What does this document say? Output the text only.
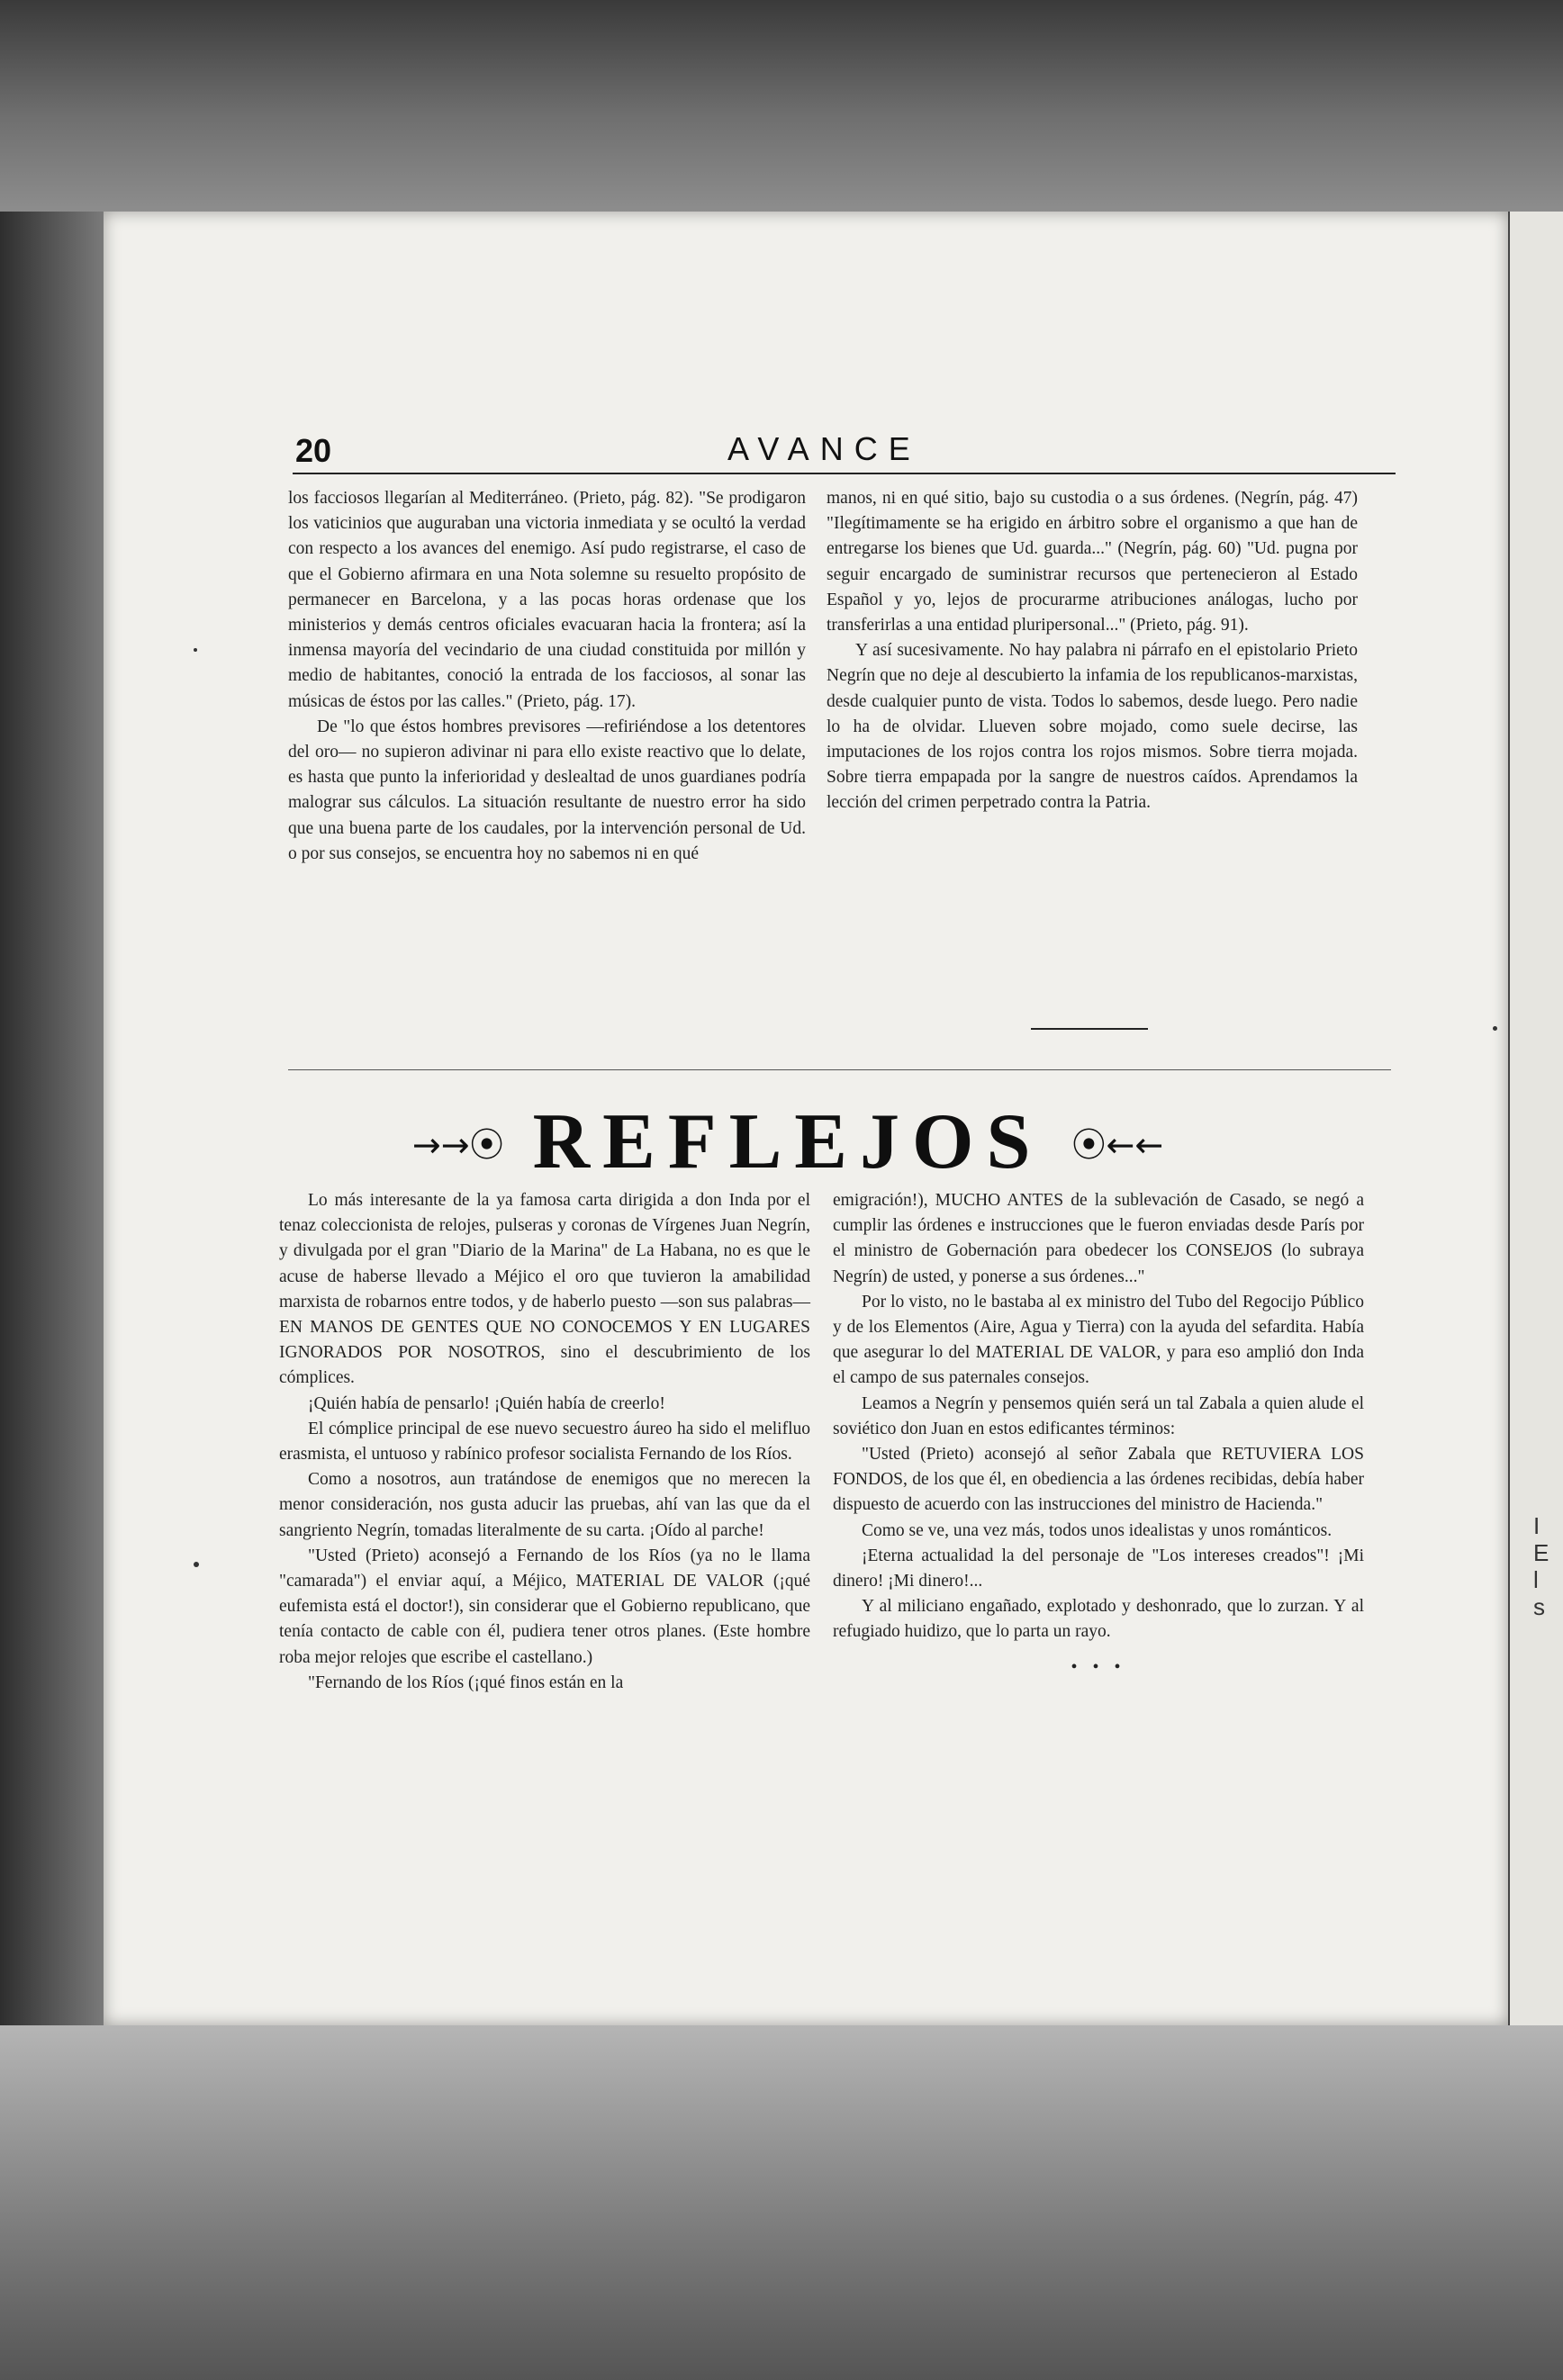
I
E
l
s
20	AVANCE

los facciosos llegarían al Mediterráneo. (Prieto, pág. 82). "Se prodigaron los vaticinios que auguraban una victoria inmediata y se ocultó la verdad con respecto a los avances del enemigo. Así pudo registrarse, el caso de que el Gobierno afirmara en una Nota solemne su resuelto propósito de permanecer en Barcelona, y a las pocas horas ordenase que los ministerios y demás centros oficiales evacuaran hacia la frontera; así la inmensa mayoría del vecindario de una ciudad constituida por millón y medio de habitantes, conoció la entrada de los facciosos, al sonar las músicas de éstos por las calles." (Prieto, pág. 17).

De "lo que éstos hombres previsores —refiriéndose a los detentores del oro— no supieron adivinar ni para ello existe reactivo que lo delate, es hasta que punto la inferioridad y deslealtad de unos guardianes podría malograr sus cálculos. La situación resultante de nuestro error ha sido que una buena parte de los caudales, por la intervención personal de Ud. o por sus consejos, se encuentra hoy no sabemos ni en qué

manos, ni en qué sitio, bajo su custodia o a sus órdenes. (Negrín, pág. 47) "Ilegítimamente se ha erigido en árbitro sobre el organismo a que han de entregarse los bienes que Ud. guarda..." (Negrín, pág. 60) "Ud. pugna por seguir encargado de suministrar recursos que pertenecieron al Estado Español y yo, lejos de procurarme atribuciones análogas, lucho por transferirlas a una entidad pluripersonal..." (Prieto, pág. 91).

Y así sucesivamente. No hay palabra ni párrafo en el epistolario Prieto Negrín que no deje al descubierto la infamia de los republicanos-marxistas, desde cualquier punto de vista. Todos lo sabemos, desde luego. Pero nadie lo ha de olvidar. Llueven sobre mojado, como suele decirse, las imputaciones de los rojos contra los rojos mismos. Sobre tierra mojada. Sobre tierra empapada por la sangre de nuestros caídos. Aprendamos la lección del crimen perpetrado contra la Patria.

→→⦿ REFLEJOS ⦿←←

Lo más interesante de la ya famosa carta dirigida a don Inda por el tenaz coleccionista de relojes, pulseras y coronas de Vírgenes Juan Negrín, y divulgada por el gran "Diario de la Marina" de La Habana, no es que le acuse de haberse llevado a Méjico el oro que tuvieron la amabilidad marxista de robarnos entre todos, y de haberlo puesto —son sus palabras— EN MANOS DE GENTES QUE NO CONOCEMOS Y EN LUGARES IGNORADOS POR NOSOTROS, sino el descubrimiento de los cómplices.

¡Quién había de pensarlo! ¡Quién había de creerlo!

El cómplice principal de ese nuevo secuestro áureo ha sido el melifluo erasmista, el untuoso y rabínico profesor socialista Fernando de los Ríos.

Como a nosotros, aun tratándose de enemigos que no merecen la menor consideración, nos gusta aducir las pruebas, ahí van las que da el sangriento Negrín, tomadas literalmente de su carta. ¡Oído al parche!

"Usted (Prieto) aconsejó a Fernando de los Ríos (ya no le llama "camarada") el enviar aquí, a Méjico, MATERIAL DE VALOR (¡qué eufemista está el doctor!), sin considerar que el Gobierno republicano, que tenía contacto de cable con él, pudiera tener otros planes. (Este hombre roba mejor relojes que escribe el castellano.)

"Fernando de los Ríos (¡qué finos están en la

emigración!), MUCHO ANTES de la sublevación de Casado, se negó a cumplir las órdenes e instrucciones que le fueron enviadas desde París por el ministro de Gobernación para obedecer los CONSEJOS (lo subraya Negrín) de usted, y ponerse a sus órdenes..."

Por lo visto, no le bastaba al ex ministro del Tubo del Regocijo Público y de los Elementos (Aire, Agua y Tierra) con la ayuda del sefardita. Había que asegurar lo del MATERIAL DE VALOR, y para eso amplió don Inda el campo de sus paternales consejos.

Leamos a Negrín y pensemos quién será un tal Zabala a quien alude el soviético don Juan en estos edificantes términos:

"Usted (Prieto) aconsejó al señor Zabala que RETUVIERA LOS FONDOS, de los que él, en obediencia a las órdenes recibidas, debía haber dispuesto de acuerdo con las instrucciones del ministro de Hacienda."

Como se ve, una vez más, todos unos idealistas y unos románticos.

¡Eterna actualidad la del personaje de "Los intereses creados"! ¡Mi dinero! ¡Mi dinero!...

Y al miliciano engañado, explotado y deshonrado, que lo zurzan. Y al refugiado huidizo, que lo parta un rayo.

• • •
